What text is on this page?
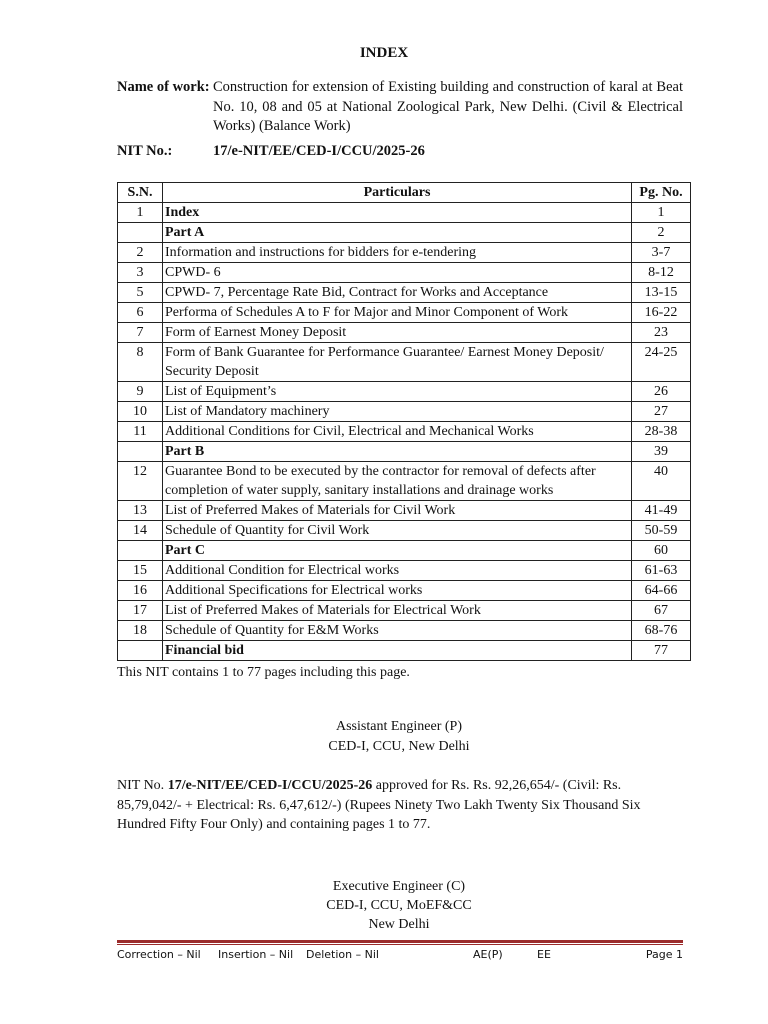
INDEX
Name of work: Construction for extension of Existing building and construction of karal at Beat No. 10, 08 and 05 at National Zoological Park, New Delhi. (Civil & Electrical Works) (Balance Work)
NIT No.:	17/e-NIT/EE/CED-I/CCU/2025-26
S.N.	Particulars	Pg. No.
1	Index	1
	Part A	2
2	Information and instructions for bidders for e-tendering	3-7
3	CPWD- 6	8-12
5	CPWD- 7, Percentage Rate Bid, Contract for Works and Acceptance	13-15
6	Performa of Schedules A to F for Major and Minor Component of Work	16-22
7	Form of Earnest Money Deposit	23
8	Form of Bank Guarantee for Performance Guarantee/ Earnest Money Deposit/ Security Deposit	24-25
9	List of Equipment’s	26
10	List of Mandatory machinery	27
11	Additional Conditions for Civil, Electrical and Mechanical Works	28-38
	Part B	39
12	Guarantee Bond to be executed by the contractor for removal of defects after completion of water supply, sanitary installations and drainage works	40
13	List of Preferred Makes of Materials for Civil Work	41-49
14	Schedule of Quantity for Civil Work	50-59
	Part C	60
15	Additional Condition for Electrical works	61-63
16	Additional Specifications for Electrical works	64-66
17	List of Preferred Makes of Materials for Electrical Work	67
18	Schedule of Quantity for E&M Works	68-76
	Financial bid	77
This NIT contains 1 to 77 pages including this page.
Assistant Engineer (P)
CED-I, CCU, New Delhi
NIT No. 17/e-NIT/EE/CED-I/CCU/2025-26 approved for Rs. Rs. 92,26,654/- (Civil: Rs. 85,79,042/- + Electrical: Rs. 6,47,612/-) (Rupees Ninety Two Lakh Twenty Six Thousand Six Hundred Fifty Four Only) and containing pages 1 to 77.
Executive Engineer (C)
CED-I, CCU, MoEF&CC
New Delhi
Correction – Nil Insertion – Nil Deletion – Nil	AE(P)	EE	Page 1
